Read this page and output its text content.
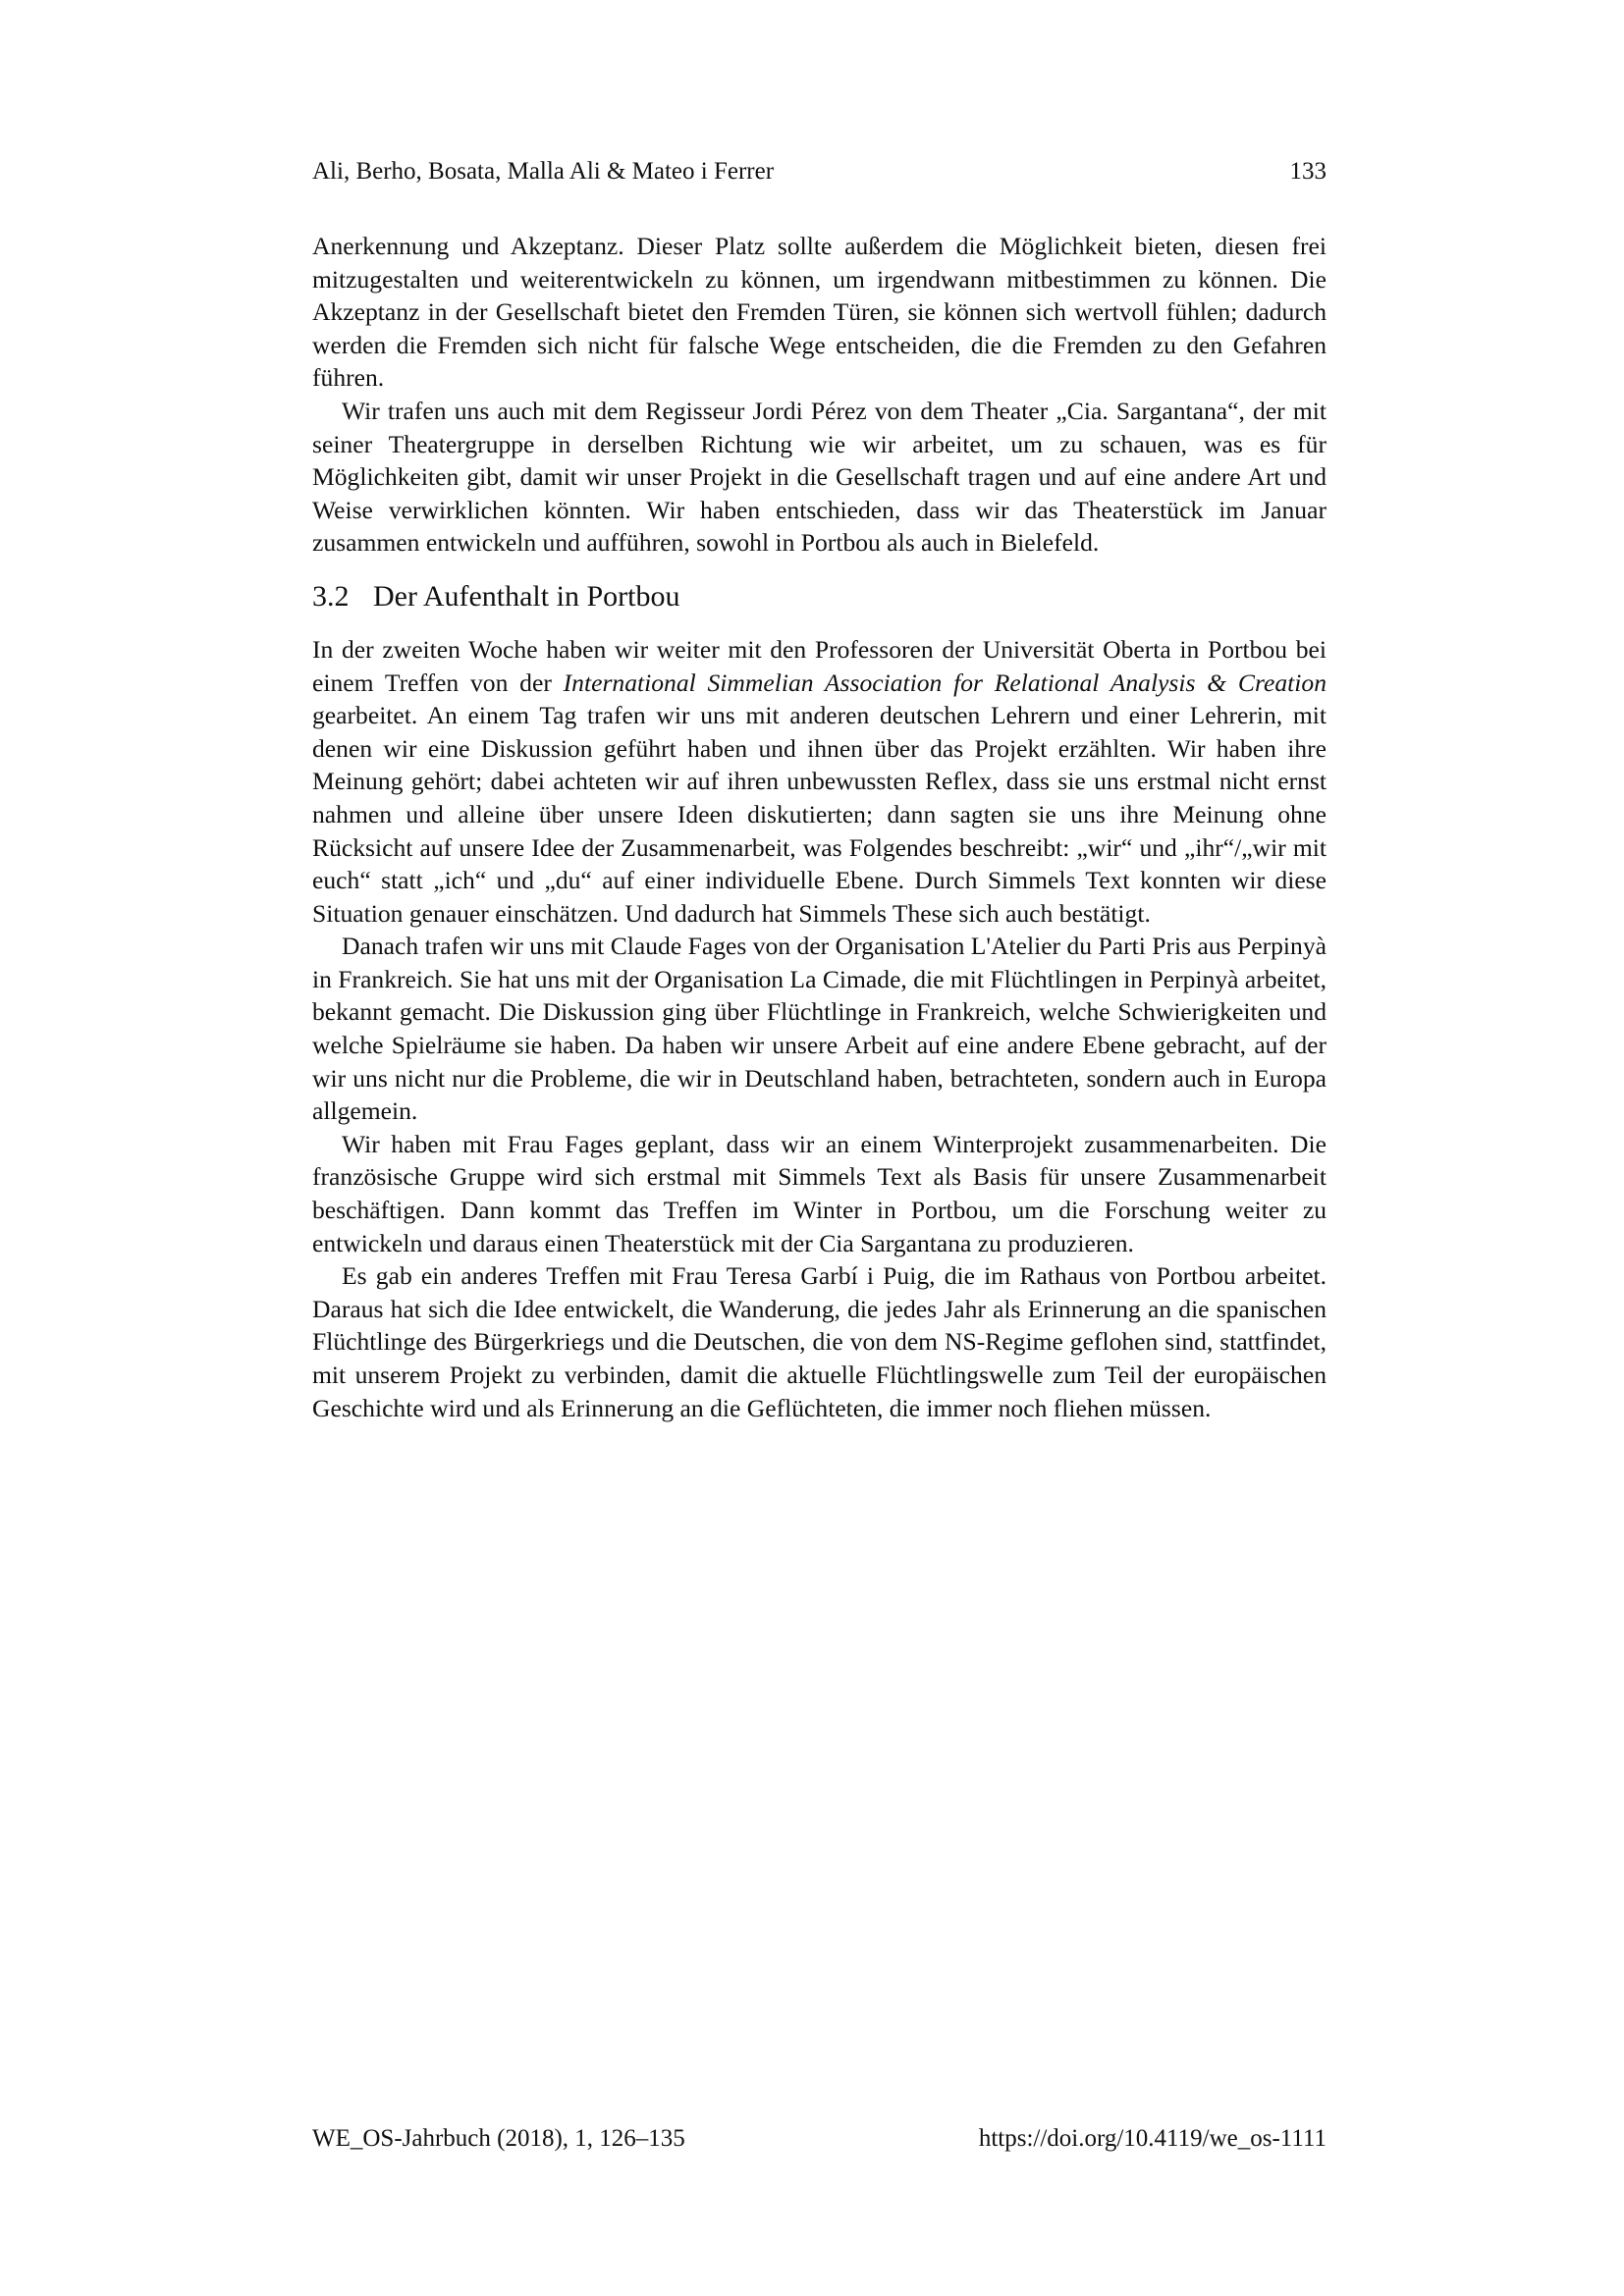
Ali, Berho, Bosata, Malla Ali & Mateo i Ferrer	133

Anerkennung und Akzeptanz. Dieser Platz sollte außerdem die Möglichkeit bieten, diesen frei mitzugestalten und weiterentwickeln zu können, um irgendwann mitbestimmen zu können. Die Akzeptanz in der Gesellschaft bietet den Fremden Türen, sie können sich wertvoll fühlen; dadurch werden die Fremden sich nicht für falsche Wege entscheiden, die die Fremden zu den Gefahren führen.

Wir trafen uns auch mit dem Regisseur Jordi Pérez von dem Theater „Cia. Sargantana“, der mit seiner Theatergruppe in derselben Richtung wie wir arbeitet, um zu schauen, was es für Möglichkeiten gibt, damit wir unser Projekt in die Gesellschaft tragen und auf eine andere Art und Weise verwirklichen könnten. Wir haben entschieden, dass wir das Theaterstück im Januar zusammen entwickeln und aufführen, sowohl in Portbou als auch in Bielefeld.

3.2 Der Aufenthalt in Portbou

In der zweiten Woche haben wir weiter mit den Professoren der Universität Oberta in Portbou bei einem Treffen von der International Simmelian Association for Relational Analysis & Creation gearbeitet. An einem Tag trafen wir uns mit anderen deutschen Lehrern und einer Lehrerin, mit denen wir eine Diskussion geführt haben und ihnen über das Projekt erzählten. Wir haben ihre Meinung gehört; dabei achteten wir auf ihren unbewussten Reflex, dass sie uns erstmal nicht ernst nahmen und alleine über unsere Ideen diskutierten; dann sagten sie uns ihre Meinung ohne Rücksicht auf unsere Idee der Zusammenarbeit, was Folgendes beschreibt: „wir“ und „ihr“/„wir mit euch“ statt „ich“ und „du“ auf einer individuelle Ebene. Durch Simmels Text konnten wir diese Situation genauer einschätzen. Und dadurch hat Simmels These sich auch bestätigt.

Danach trafen wir uns mit Claude Fages von der Organisation L'Atelier du Parti Pris aus Perpinyà in Frankreich. Sie hat uns mit der Organisation La Cimade, die mit Flüchtlingen in Perpinyà arbeitet, bekannt gemacht. Die Diskussion ging über Flüchtlinge in Frankreich, welche Schwierigkeiten und welche Spielräume sie haben. Da haben wir unsere Arbeit auf eine andere Ebene gebracht, auf der wir uns nicht nur die Probleme, die wir in Deutschland haben, betrachteten, sondern auch in Europa allgemein.

Wir haben mit Frau Fages geplant, dass wir an einem Winterprojekt zusammenarbeiten. Die französische Gruppe wird sich erstmal mit Simmels Text als Basis für unsere Zusammenarbeit beschäftigen. Dann kommt das Treffen im Winter in Portbou, um die Forschung weiter zu entwickeln und daraus einen Theaterstück mit der Cia Sargantana zu produzieren.

Es gab ein anderes Treffen mit Frau Teresa Garbí i Puig, die im Rathaus von Portbou arbeitet. Daraus hat sich die Idee entwickelt, die Wanderung, die jedes Jahr als Erinnerung an die spanischen Flüchtlinge des Bürgerkriegs und die Deutschen, die von dem NS-Regime geflohen sind, stattfindet, mit unserem Projekt zu verbinden, damit die aktuelle Flüchtlingswelle zum Teil der europäischen Geschichte wird und als Erinnerung an die Geflüchteten, die immer noch fliehen müssen.

WE_OS-Jahrbuch (2018), 1, 126–135	https://doi.org/10.4119/we_os-1111
